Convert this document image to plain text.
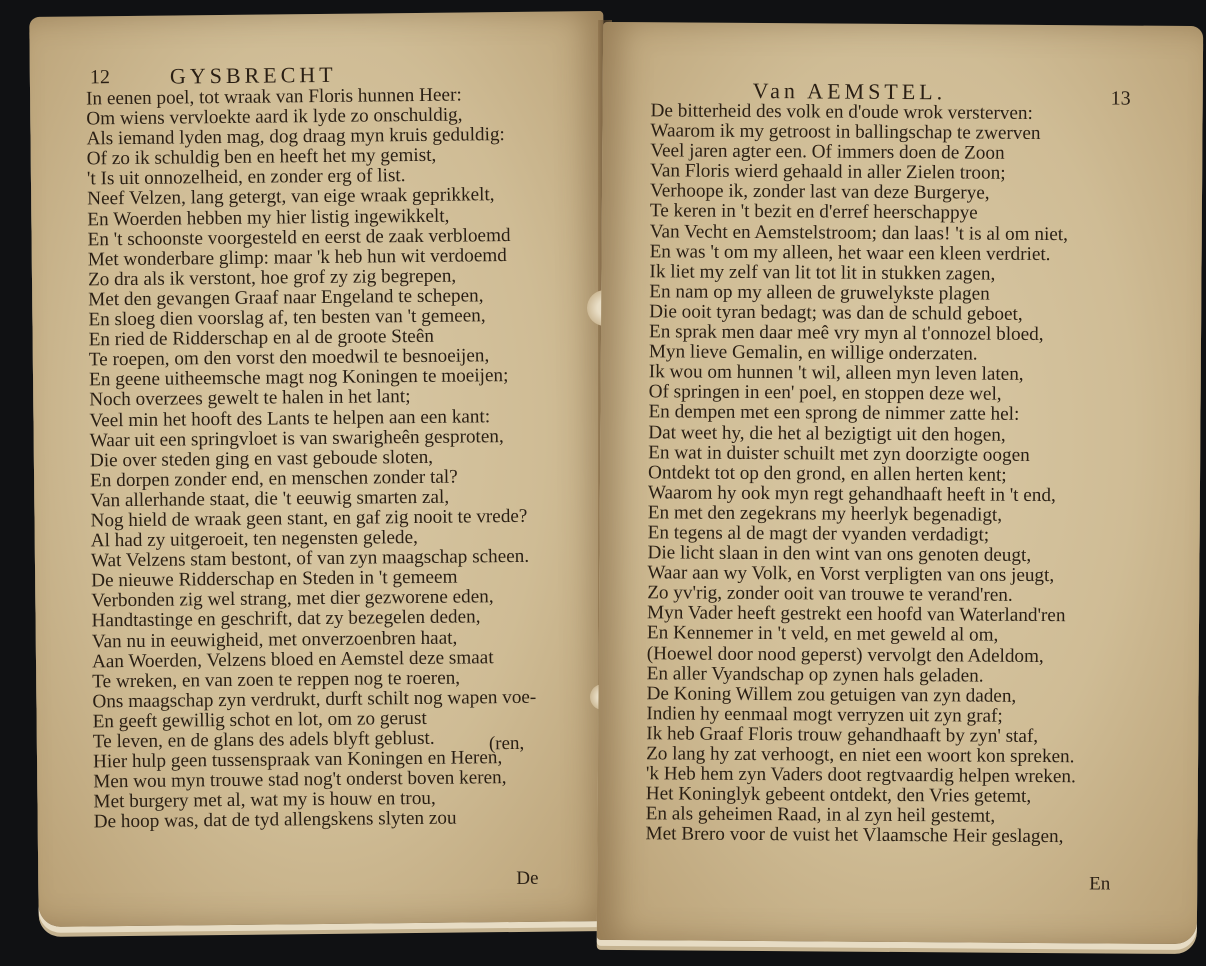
12	GYSBRECHT
In eenen poel, tot wraak van Floris hunnen Heer:
Om wiens vervloekte aard ik lyde zo onschuldig,
Als iemand lyden mag, dog draag myn kruis geduldig:
Of zo ik schuldig ben en heeft het my gemist,
't Is uit onnozelheid, en zonder erg of list.
Neef Velzen, lang getergt, van eige wraak geprikkelt,
En Woerden hebben my hier listig ingewikkelt,
En 't schoonste voorgesteld en eerst de zaak verbloemd
Met wonderbare glimp: maar 'k heb hun wit verdoemd
Zo dra als ik verstont, hoe grof zy zig begrepen,
Met den gevangen Graaf naar Engeland te schepen,
En sloeg dien voorslag af, ten besten van 't gemeen,
En ried de Ridderschap en al de groote Steên
Te roepen, om den vorst den moedwil te besnoeijen,
En geene uitheemsche magt nog Koningen te moeijen;
Noch overzees gewelt te halen in het lant;
Veel min het hooft des Lants te helpen aan een kant:
Waar uit een springvloet is van swarigheên gesproten,
Die over steden ging en vast geboude sloten,
En dorpen zonder end, en menschen zonder tal?
Van allerhande staat, die 't eeuwig smarten zal,
Nog hield de wraak geen stant, en gaf zig nooit te vrede?
Al had zy uitgeroeit, ten negensten gelede,
Wat Velzens stam bestont, of van zyn maagschap scheen.
De nieuwe Ridderschap en Steden in 't gemeem
Verbonden zig wel strang, met dier gezworene eden,
Handtastinge en geschrift, dat zy bezegelen deden,
Van nu in eeuwigheid, met onverzoenbren haat,
Aan Woerden, Velzens bloed en Aemstel deze smaat
Te wreken, en van zoen te reppen nog te roeren,
Ons maagschap zyn verdrukt, durft schilt nog wapen voe-
En geeft gewillig schot en lot, om zo gerust
Te leven, en de glans des adels blyft geblust.
Hier hulp geen tussenspraak van Koningen en Heren,
Men wou myn trouwe stad nog't onderst boven keren,
Met burgery met al, wat my is houw en trou,
De hoop was, dat de tyd allengskens slyten zou
(ren,
De
Van AEMSTEL.	13
De bitterheid des volk en d'oude wrok versterven:
Waarom ik my getroost in ballingschap te zwerven
Veel jaren agter een. Of immers doen de Zoon
Van Floris wierd gehaald in aller Zielen troon;
Verhoope ik, zonder last van deze Burgerye,
Te keren in 't bezit en d'erref heerschappye
Van Vecht en Aemstelstroom; dan laas! 't is al om niet,
En was 't om my alleen, het waar een kleen verdriet.
Ik liet my zelf van lit tot lit in stukken zagen,
En nam op my alleen de gruwelykste plagen
Die ooit tyran bedagt; was dan de schuld geboet,
En sprak men daar meê vry myn al t'onnozel bloed,
Myn lieve Gemalin, en willige onderzaten.
Ik wou om hunnen 't wil, alleen myn leven laten,
Of springen in een' poel, en stoppen deze wel,
En dempen met een sprong de nimmer zatte hel:
Dat weet hy, die het al bezigtigt uit den hogen,
En wat in duister schuilt met zyn doorzigte oogen
Ontdekt tot op den grond, en allen herten kent;
Waarom hy ook myn regt gehandhaaft heeft in 't end,
En met den zegekrans my heerlyk begenadigt,
En tegens al de magt der vyanden verdadigt;
Die licht slaan in den wint van ons genoten deugt,
Waar aan wy Volk, en Vorst verpligten van ons jeugt,
Zo yv'rig, zonder ooit van trouwe te verand'ren.
Myn Vader heeft gestrekt een hoofd van Waterland'ren
En Kennemer in 't veld, en met geweld al om,
(Hoewel door nood geperst) vervolgt den Adeldom,
En aller Vyandschap op zynen hals geladen.
De Koning Willem zou getuigen van zyn daden,
Indien hy eenmaal mogt verryzen uit zyn graf;
Ik heb Graaf Floris trouw gehandhaaft by zyn' staf,
Zo lang hy zat verhoogt, en niet een woort kon spreken.
'k Heb hem zyn Vaders doot regtvaardig helpen wreken.
Het Koninglyk gebeent ontdekt, den Vries getemt,
En als geheimen Raad, in al zyn heil gestemt,
Met Brero voor de vuist het Vlaamsche Heir geslagen,
En
